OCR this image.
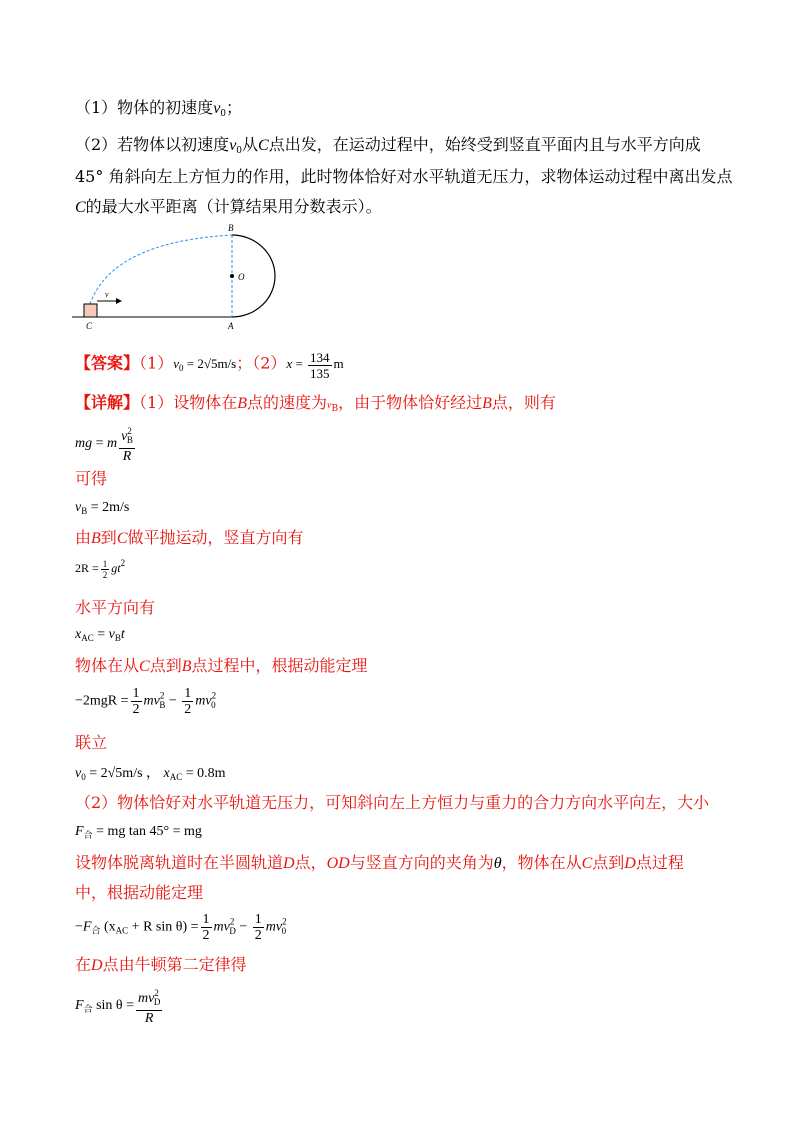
（1）物体的初速度$v_0$；
（2）若物体以初速度$v_0$从C点出发，在运动过程中，始终受到竖直平面内且与水平方向成
45° 角斜向左上方恒力的作用，此时物体恰好对水平轨道无压力，求物体运动过程中离出发点
C的最大水平距离（计算结果用分数表示）。
v
O
B
C	A
【答案】$(1)v_0 = 2√5m/s$；$(2)x = \frac{134}{135}$ m
【详解】（1）设物体在B点的速度为$v_B$，由于物体恰好经过B点，则有
mg = m $\frac{v^2_B}{R}$
可得
$v_B = 2m/s$
由B到C做平抛运动，竖直方向有
$2R = \frac{1}{2} gt^2$
水平方向有
$x_{AC} = v_Bt$
物体在从C点到B点过程中，根据动能定理
$-2mgR = \frac{1}{2} mv^2_B - \frac{1}{2} mv^2_0$
联立
$v_0 = 2√5m/s$ ， $x_{AC} = 0.8m$
（2）物体恰好对水平轨道无压力，可知斜向左上方恒力与重力的合力方向水平向左，大小
$F_合$ = mg tan 45° = mg
设物体脱离轨道时在半圆轨道D点，OD与竖直方向的夹角为θ，物体在从C点到D点过程
中，根据动能定理
$-F_合$ ($x_{AC} + R$ $\sin \theta) = \frac{1}{2} mv^2_D - \frac{1}{2} mv^2_0$
在D点由牛顿第二定律得
$F_合$ $\sin \theta = \frac{mv^2_D}{R}$
